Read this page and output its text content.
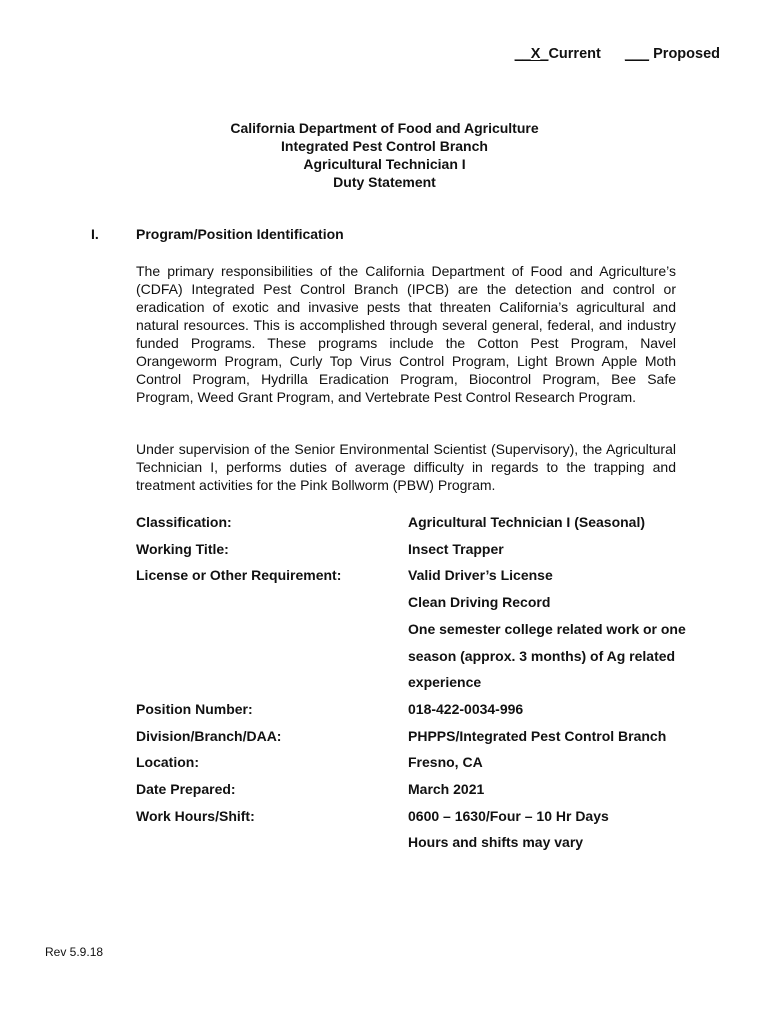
__X_Current ___ Proposed
California Department of Food and Agriculture
Integrated Pest Control Branch
Agricultural Technician I
Duty Statement
I.	Program/Position Identification

The primary responsibilities of the California Department of Food and Agriculture’s (CDFA) Integrated Pest Control Branch (IPCB) are the detection and control or eradication of exotic and invasive pests that threaten California’s agricultural and natural resources. This is accomplished through several general, federal, and industry funded Programs. These programs include the Cotton Pest Program, Navel Orangeworm Program, Curly Top Virus Control Program, Light Brown Apple Moth Control Program, Hydrilla Eradication Program, Biocontrol Program, Bee Safe Program, Weed Grant Program, and Vertebrate Pest Control Research Program.

Under supervision of the Senior Environmental Scientist (Supervisory), the Agricultural Technician I, performs duties of average difficulty in regards to the trapping and treatment activities for the Pink Bollworm (PBW) Program.

Classification:	Agricultural Technician I (Seasonal)
Working Title:	Insect Trapper
License or Other Requirement:	Valid Driver’s License
Clean Driving Record
One semester college related work or one
season (approx. 3 months) of Ag related
experience
Position Number:	018-422-0034-996
Division/Branch/DAA:	PHPPS/Integrated Pest Control Branch
Location:	Fresno, CA
Date Prepared:	March 2021
Work Hours/Shift:	0600 – 1630/Four – 10 Hr Days
Hours and shifts may vary
Rev 5.9.18
